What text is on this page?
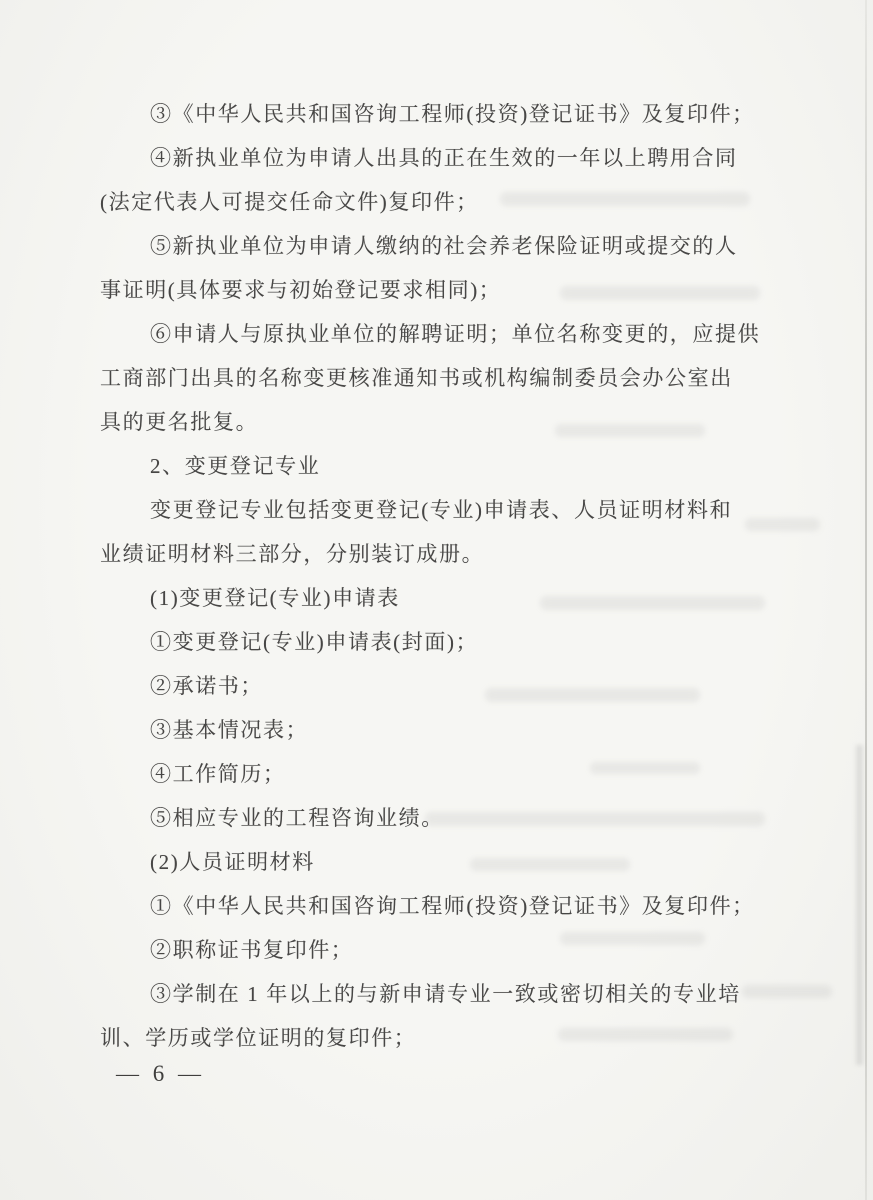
③《中华人民共和国咨询工程师(投资)登记证书》及复印件；
④新执业单位为申请人出具的正在生效的一年以上聘用合同
(法定代表人可提交任命文件)复印件；
⑤新执业单位为申请人缴纳的社会养老保险证明或提交的人
事证明(具体要求与初始登记要求相同)；
⑥申请人与原执业单位的解聘证明；单位名称变更的，应提供
工商部门出具的名称变更核准通知书或机构编制委员会办公室出
具的更名批复。
2、变更登记专业
变更登记专业包括变更登记(专业)申请表、人员证明材料和
业绩证明材料三部分，分别装订成册。
(1)变更登记(专业)申请表
①变更登记(专业)申请表(封面)；
②承诺书；
③基本情况表；
④工作简历；
⑤相应专业的工程咨询业绩。
(2)人员证明材料
①《中华人民共和国咨询工程师(投资)登记证书》及复印件；
②职称证书复印件；
③学制在 1 年以上的与新申请专业一致或密切相关的专业培
训、学历或学位证明的复印件；
— 6 —
